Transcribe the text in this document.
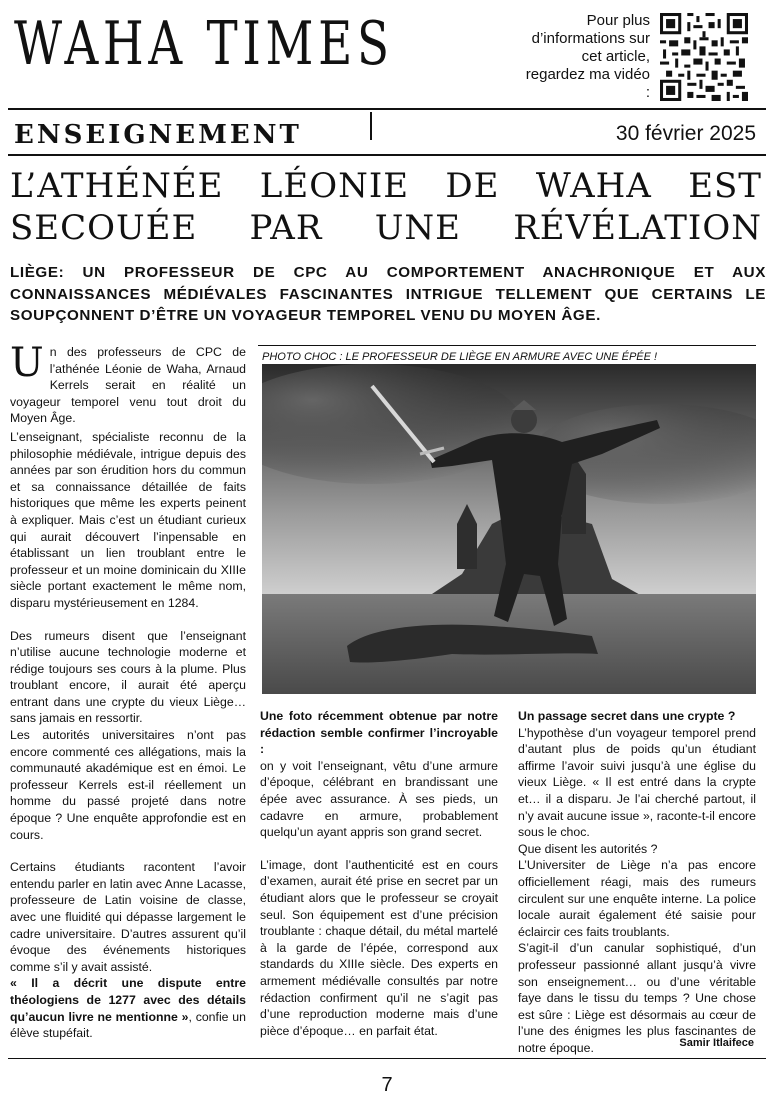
WAHA TIMES	Pour plus d’informations sur cet article, regardez ma vidéo :
ENSEIGNEMENT	30 février 2025
L’ATHÉNÉE LÉONIE DE WAHA EST SECOUÉE PAR UNE RÉVÉLATION
LIÈGE: UN PROFESSEUR DE CPC AU COMPORTEMENT ANACHRONIQUE ET AUX CONNAISSANCES MÉDIÉVALES FASCINANTES INTRIGUE TELLEMENT QUE CERTAINS LE SOUPÇONNENT D’ÊTRE UN VOYAGEUR TEMPOREL VENU DU MOYEN ÂGE.
U n des professeurs de CPC de l’athénée Léonie de Waha, Arnaud Kerrels serait en réalité un voyageur temporel venu tout droit du Moyen Âge.

L’enseignant, spécialiste reconnu de la philosophie médiévale, intrigue depuis des années par son érudition hors du commun et sa connaissance détaillée de faits historiques que même les experts peinent à expliquer. Mais c’est un étudiant curieux qui aurait découvert l’inpensable en établissant un lien troublant entre le professeur et un moine dominicain du XIIIe siècle portant exactement le même nom, disparu mystérieusement en 1284.

Des rumeurs disent que l’enseignant n’utilise aucune technologie moderne et rédige toujours ses cours à la plume. Plus troublant encore, il aurait été aperçu entrant dans une crypte du vieux Liège… sans jamais en ressortir.

Les autorités universitaires n’ont pas encore commenté ces allégations, mais la communauté akadémique est en émoi. Le professeur Kerrels est-il réellement un homme du passé projeté dans notre époque ? Une enquête approfondie est en cours.

Certains étudiants racontent l’avoir entendu parler en latin avec Anne Lacasse, professeure de Latin voisine de classe, avec une fluidité qui dépasse largement le cadre universitaire. D’autres assurent qu’il évoque des événements historiques comme s’il y avait assisté.

« Il a décrit une dispute entre théologiens de 1277 avec des détails qu’aucun livre ne mentionne », confie un élève stupéfait.

PHOTO CHOC : LE PROFESSEUR DE LIÈGE EN ARMURE AVEC UNE ÉPÉE !

Une foto récemment obtenue par notre rédaction semble confirmer l’incroyable :

on y voit l’enseignant, vêtu d’une armure d’époque, célébrant en brandissant une épée avec assurance. À ses pieds, un cadavre en armure, probablement quelqu’un ayant appris son grand secret.

L’image, dont l’authenticité est en cours d’examen, aurait été prise en secret par un étudiant alors que le professeur se croyait seul. Son équipement est d’une précision troublante : chaque détail, du métal martelé à la garde de l’épée, correspond aux standards du XIIIe siècle. Des experts en armement médiévalle consultés par notre rédaction confirment qu’il ne s’agit pas d’une reproduction moderne mais d’une pièce d’époque… en parfait état.

Un passage secret dans une crypte ?

L’hypothèse d’un voyageur temporel prend d’autant plus de poids qu’un étudiant affirme l’avoir suivi jusqu’à une église du vieux Liège. « Il est entré dans la crypte et… il a disparu. Je l’ai cherché partout, il n’y avait aucune issue », raconte-t-il encore sous le choc.

Que disent les autorités ?

L’Universiter de Liège n’a pas encore officiellement réagi, mais des rumeurs circulent sur une enquête interne. La police locale aurait également été saisie pour éclaircir ces faits troublants.

S’agit-il d’un canular sophistiqué, d’un professeur passionné allant jusqu’à vivre son enseignement… ou d’une véritable faye dans le tissu du temps ? Une chose est sûre : Liège est désormais au cœur de l’une des énigmes les plus fascinantes de notre époque.	Samir Itlaifece
7
